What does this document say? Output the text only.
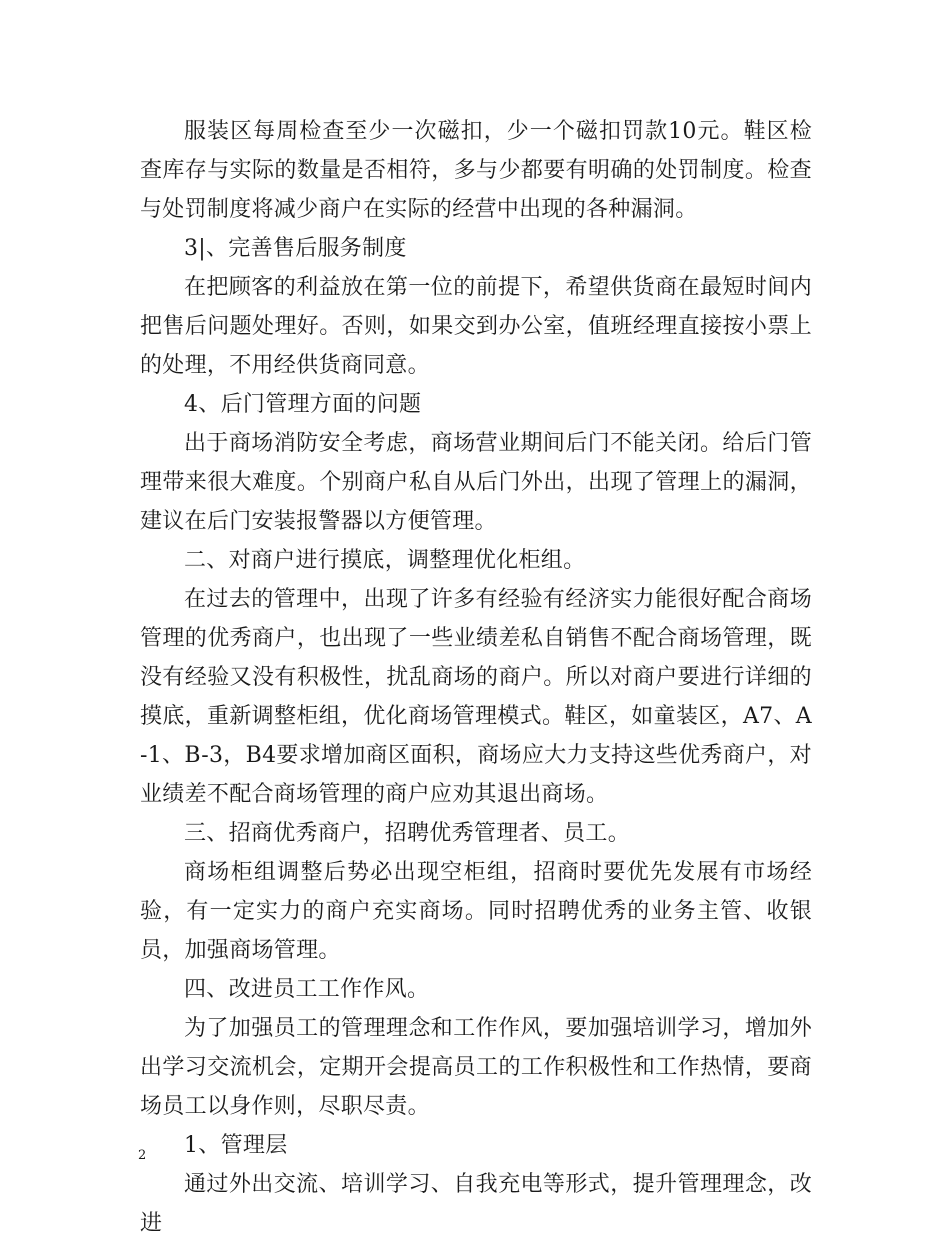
服装区每周检查至少一次磁扣，少一个磁扣罚款10元。鞋区检查库存与实际的数量是否相符，多与少都要有明确的处罚制度。检查与处罚制度将减少商户在实际的经营中出现的各种漏洞。

3|、完善售后服务制度

在把顾客的利益放在第一位的前提下，希望供货商在最短时间内把售后问题处理好。否则，如果交到办公室，值班经理直接按小票上的处理，不用经供货商同意。

4、后门管理方面的问题

出于商场消防安全考虑，商场营业期间后门不能关闭。给后门管理带来很大难度。个别商户私自从后门外出，出现了管理上的漏洞，建议在后门安装报警器以方便管理。

二、对商户进行摸底，调整理优化柜组。

在过去的管理中，出现了许多有经验有经济实力能很好配合商场管理的优秀商户，也出现了一些业绩差私自销售不配合商场管理，既没有经验又没有积极性，扰乱商场的商户。所以对商户要进行详细的摸底，重新调整柜组，优化商场管理模式。鞋区，如童装区，A7、A-1、B-3，B4要求增加商区面积，商场应大力支持这些优秀商户，对业绩差不配合商场管理的商户应劝其退出商场。

三、招商优秀商户，招聘优秀管理者、员工。

商场柜组调整后势必出现空柜组，招商时要优先发展有市场经验，有一定实力的商户充实商场。同时招聘优秀的业务主管、收银员，加强商场管理。

四、改进员工工作作风。

为了加强员工的管理理念和工作作风，要加强培训学习，增加外出学习交流机会，定期开会提高员工的工作积极性和工作热情，要商场员工以身作则，尽职尽责。

1、管理层

通过外出交流、培训学习、自我充电等形式，提升管理理念，改进

2
